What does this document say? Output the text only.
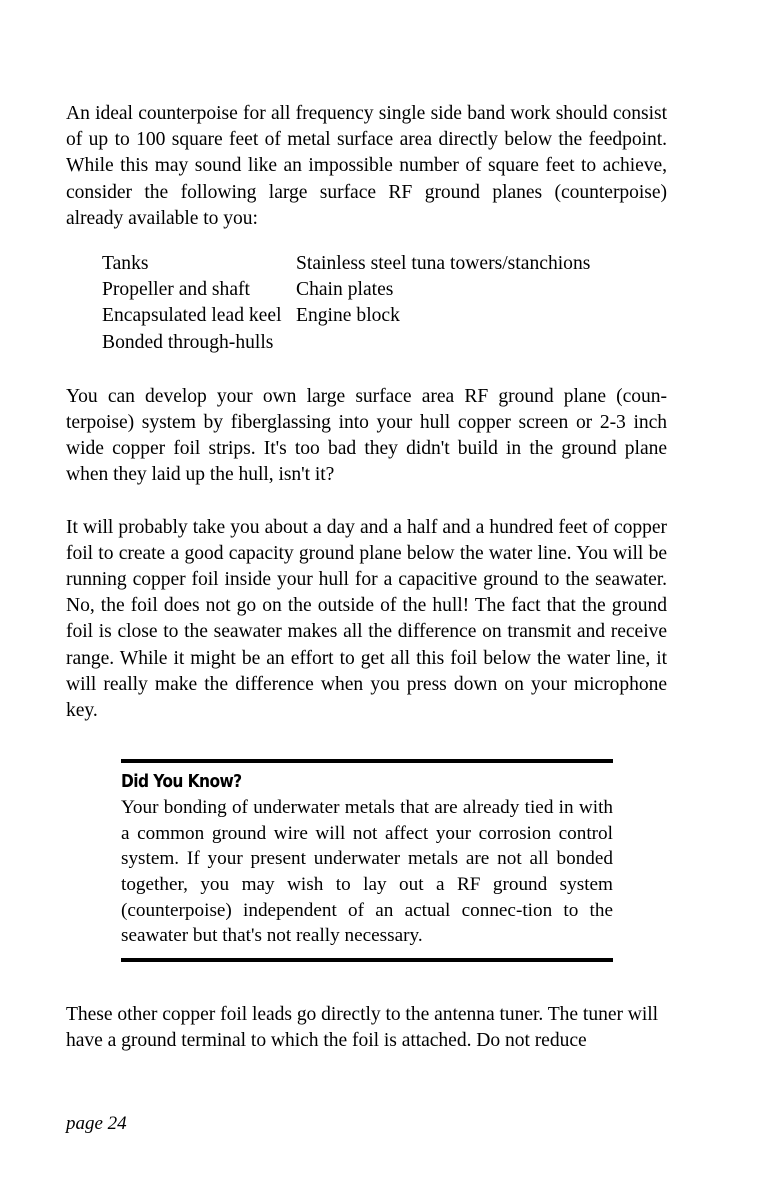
An ideal counterpoise for all frequency single side band work should consist of up to 100 square feet of metal surface area directly below the feedpoint. While this may sound like an impossible number of square feet to achieve, consider the following large surface RF ground planes (counterpoise) already available to you:

Tanks	Stainless steel tuna towers/stanchions
Propeller and shaft	Chain plates
Encapsulated lead keel Engine block
Bonded through-hulls

You can develop your own large surface area RF ground plane (coun-terpoise) system by fiberglassing into your hull copper screen or 2-3 inch wide copper foil strips. It's too bad they didn't build in the ground plane when they laid up the hull, isn't it?

It will probably take you about a day and a half and a hundred feet of copper foil to create a good capacity ground plane below the water line. You will be running copper foil inside your hull for a capacitive ground to the seawater. No, the foil does not go on the outside of the hull! The fact that the ground foil is close to the seawater makes all the difference on transmit and receive range. While it might be an effort to get all this foil below the water line, it will really make the difference when you press down on your microphone key.

Did You Know?

Your bonding of underwater metals that are already tied in with a common ground wire will not affect your corrosion control system. If your present underwater metals are not all bonded together, you may wish to lay out a RF ground system (counterpoise) independent of an actual connec-tion to the seawater but that's not really necessary.

These other copper foil leads go directly to the antenna tuner. The tuner will have a ground terminal to which the foil is attached. Do not reduce

page 24
